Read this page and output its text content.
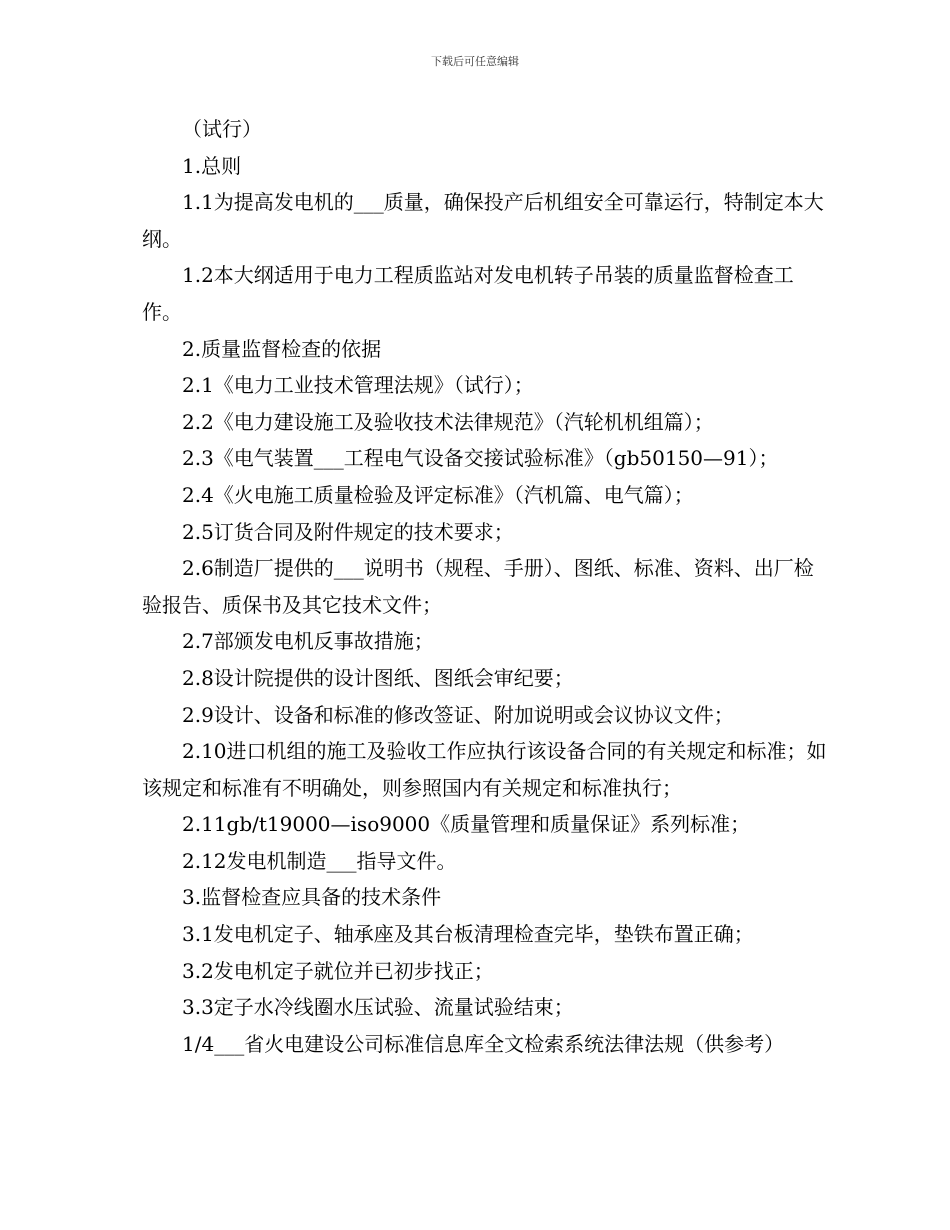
下载后可任意编辑

（试行）

1.总则

1.1为提高发电机的___质量，确保投产后机组安全可靠运行，特制定本大纲。

1.2本大纲适用于电力工程质监站对发电机转子吊装的质量监督检查工作。

2.质量监督检查的依据

2.1《电力工业技术管理法规》（试行）；

2.2《电力建设施工及验收技术法律规范》（汽轮机机组篇）；

2.3《电气装置___工程电气设备交接试验标准》（gb50150—91）；

2.4《火电施工质量检验及评定标准》（汽机篇、电气篇）；

2.5订货合同及附件规定的技术要求；

2.6制造厂提供的___说明书（规程、手册）、图纸、标准、资料、出厂检验报告、质保书及其它技术文件；

2.7部颁发电机反事故措施；

2.8设计院提供的设计图纸、图纸会审纪要；

2.9设计、设备和标准的修改签证、附加说明或会议协议文件；

2.10进口机组的施工及验收工作应执行该设备合同的有关规定和标准；如该规定和标准有不明确处，则参照国内有关规定和标准执行；

2.11gb/t19000—iso9000《质量管理和质量保证》系列标准；

2.12发电机制造___指导文件。

3.监督检查应具备的技术条件

3.1发电机定子、轴承座及其台板清理检查完毕，垫铁布置正确；

3.2发电机定子就位并已初步找正；

3.3定子水冷线圈水压试验、流量试验结束；

1/4___省火电建设公司标准信息库全文检索系统法律法规（供参考）
